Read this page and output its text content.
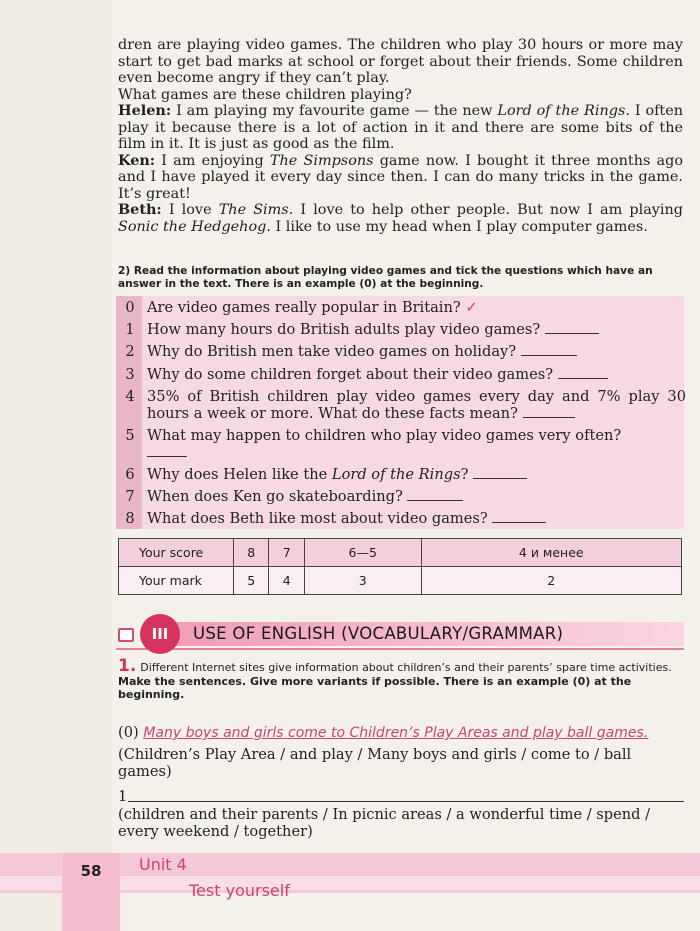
dren are playing video games. The children who play 30 hours or more may start to get bad marks at school or forget about their friends. Some children even become angry if they can’t play.

What games are these children playing?

Helen: I am playing my favourite game — the new Lord of the Rings. I often play it because there is a lot of action in it and there are some bits of the film in it. It is just as good as the film.

Ken: I am enjoying The Simpsons game now. I bought it three months ago and I have played it every day since then. I can do many tricks in the game. It’s great!

Beth: I love The Sims. I love to help other people. But now I am playing Sonic the Hedgehog. I like to use my head when I play computer games.

2) Read the information about playing video games and tick the questions which have an answer in the text. There is an example (0) at the beginning.
0 Are video games really popular in Britain? ✓
1 How many hours do British adults play video games?
2 Why do British men take video games on holiday?
3 Why do some children forget about their video games?
4 35% of British children play video games every day and 7% play 30 hours a week or more. What do these facts mean?
5 What may happen to children who play video games very often?

6 Why does Helen like the Lord of the Rings?
7 When does Ken go skateboarding?
8 What does Beth like most about video games?
Your score	8	7	6—5	4 и менее
Your mark	5	4	3	2
III	USE OF ENGLISH (VOCABULARY/GRAMMAR)
1. Different Internet sites give information about children’s and their parents’ spare time activities.
Make the sentences. Give more variants if possible. There is an example (0) at the beginning.
(0) Many boys and girls come to Children’s Play Areas and play ball games.
(Children’s Play Area / and play / Many boys and girls / come to / ball games)
1
(children and their parents / In picnic areas / a wonderful time / spend / every weekend / together)
58	Unit 4
Test yourself
